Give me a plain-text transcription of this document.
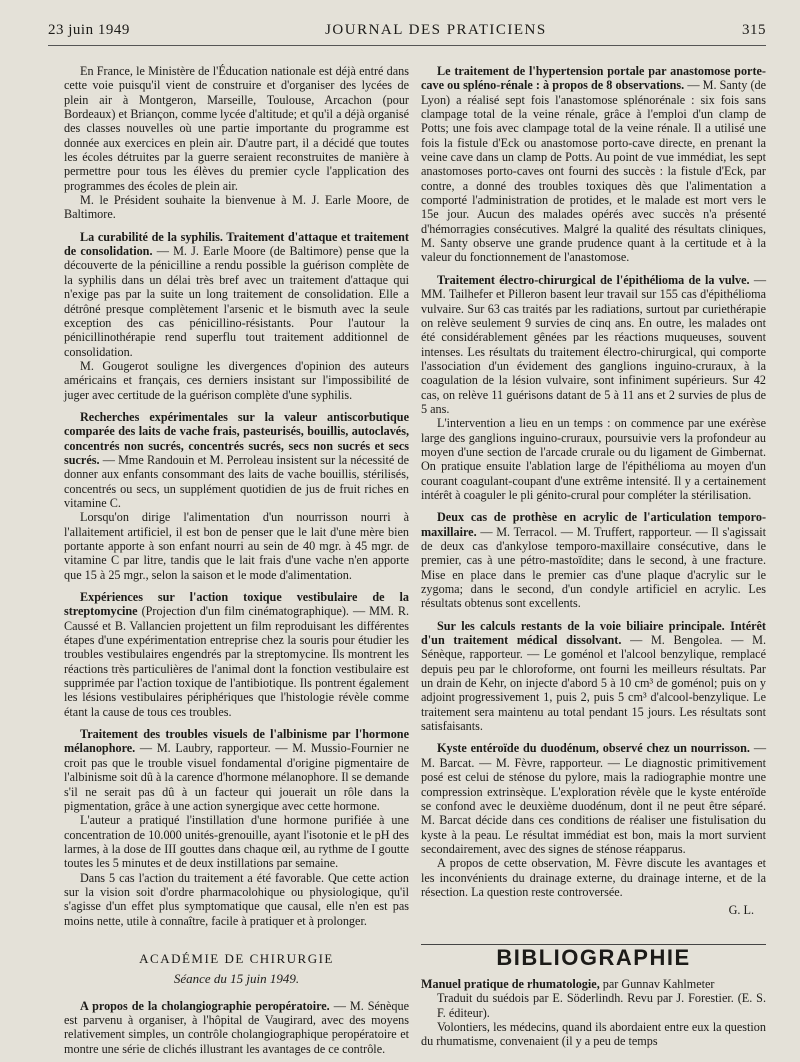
23 juin 1949	JOURNAL DES PRATICIENS	315

En France, le Ministère de l'Éducation nationale est déjà entré dans cette voie puisqu'il vient de construire et d'organiser des lycées de plein air à Montgeron, Marseille, Toulouse, Arcachon (pour Bordeaux) et Briançon, comme lycée d'altitude; et qu'il a déjà organisé des classes nouvelles où une partie importante du programme est donnée aux exercices en plein air. D'autre part, il a décidé que toutes les écoles détruites par la guerre seraient reconstruites de manière à permettre pour tous les élèves du premier cycle l'application des programmes des écoles de plein air.

M. le Président souhaite la bienvenue à M. J. Earle Moore, de Baltimore.

La curabilité de la syphilis. Traitement d'attaque et traitement de consolidation. — M. J. Earle Moore (de Baltimore) pense que la découverte de la pénicilline a rendu possible la guérison complète de la syphilis dans un délai très bref avec un traitement d'attaque qui n'exige pas par la suite un long traitement de consolidation. Elle a détrôné presque complètement l'arsenic et le bismuth avec la seule exception des cas pénicillino-résistants. Pour l'autour la pénicillinothérapie rend superflu tout traitement additionnel de consolidation.

M. Gougerot souligne les divergences d'opinion des auteurs américains et français, ces derniers insistant sur l'impossibilité de juger avec certitude de la guérison complète d'une syphilis.

Recherches expérimentales sur la valeur antiscorbutique comparée des laits de vache frais, pasteurisés, bouillis, autoclavés, concentrés non sucrés, concentrés sucrés, secs non sucrés et secs sucrés. — Mme Randouin et M. Perroleau insistent sur la nécessité de donner aux enfants consommant des laits de vache bouillis, stérilisés, concentrés ou secs, un supplément quotidien de jus de fruit riches en vitamine C.

Lorsqu'on dirige l'alimentation d'un nourrisson nourri à l'allaitement artificiel, il est bon de penser que le lait d'une mère bien portante apporte à son enfant nourri au sein de 40 mgr. à 45 mgr. de vitamine C par litre, tandis que le lait frais d'une vache n'en apporte que 15 à 25 mgr., selon la saison et le mode d'alimentation.

Expériences sur l'action toxique vestibulaire de la streptomycine (Projection d'un film cinématographique). — MM. R. Caussé et B. Vallancien projettent un film reproduisant les différentes étapes d'une expérimentation entreprise chez la souris pour étudier les troubles vestibulaires engendrés par la streptomycine. Ils montrent les réactions très particulières de l'animal dont la fonction vestibulaire est supprimée par l'action toxique de l'antibiotique. Ils pontrent également les lésions vestibulaires périphériques que l'histologie révèle comme étant la cause de tous ces troubles.

Traitement des troubles visuels de l'albinisme par l'hormone mélanophore. — M. Laubry, rapporteur. — M. Mussio-Fournier ne croit pas que le trouble visuel fondamental d'origine pigmentaire de l'albinisme soit dû à la carence d'hormone mélanophore. Il se demande s'il ne serait pas dû à un facteur qui jouerait un rôle dans la pigmentation, grâce à une action synergique avec cette hormone.

L'auteur a pratiqué l'instillation d'une hormone purifiée à une concentration de 10.000 unités-grenouille, ayant l'isotonie et le pH des larmes, à la dose de III gouttes dans chaque œil, au rythme de I goutte toutes les 5 minutes et de deux instillations par semaine.

Dans 5 cas l'action du traitement a été favorable. Que cette action sur la vision soit d'ordre pharmacolohique ou physiologique, qu'il s'agisse d'un effet plus symptomatique que causal, elle n'en est pas moins nette, utile à connaître, facile à pratiquer et à prolonger.

ACADÉMIE DE CHIRURGIE
Séance du 15 juin 1949.

A propos de la cholangiographie peropératoire. — M. Sénèque est parvenu à organiser, à l'hôpital de Vaugirard, avec des moyens relativement simples, un contrôle cholangiographique peropératoire et montre une série de clichés illustrant les avantages de ce contrôle.

Le traitement de l'hypertension portale par anastomose porte-cave ou spléno-rénale : à propos de 8 observations. — M. Santy (de Lyon) a réalisé sept fois l'anastomose splénorénale : six fois sans clampage total de la veine rénale, grâce à l'emploi d'un clamp de Potts; une fois avec clampage total de la veine rénale. Il a utilisé une fois la fistule d'Eck ou anastomose porto-cave directe, en prenant la veine cave dans un clamp de Potts. Au point de vue immédiat, les sept anastomoses porto-caves ont fourni des succès : la fistule d'Eck, par contre, a donné des troubles toxiques dès que l'alimentation a comporté l'administration de protides, et le malade est mort vers le 15e jour. Aucun des malades opérés avec succès n'a présenté d'hémorragies consécutives. Malgré la qualité des résultats cliniques, M. Santy observe une grande prudence quant à la certitude et à la valeur du fonctionnement de l'anastomose.

Traitement électro-chirurgical de l'épithélioma de la vulve. — MM. Tailhefer et Pilleron basent leur travail sur 155 cas d'épithélioma vulvaire. Sur 63 cas traités par les radiations, surtout par curiethérapie on relève seulement 9 survies de cinq ans. En outre, les malades ont été considérablement gênées par les réactions muqueuses, souvent intenses. Les résultats du traitement électro-chirurgical, qui comporte l'association d'un évidement des ganglions inguino-cruraux, à la coagulation de la lésion vulvaire, sont infiniment supérieurs. Sur 42 cas, on relève 11 guérisons datant de 5 à 11 ans et 2 survies de plus de 5 ans.

L'intervention a lieu en un temps : on commence par une exérèse large des ganglions inguino-cruraux, poursuivie vers la profondeur au moyen d'une section de l'arcade crurale ou du ligament de Gimbernat. On pratique ensuite l'ablation large de l'épithélioma au moyen d'un courant coagulant-coupant d'une extrême intensité. Il y a certainement intérêt à coaguler le pli génito-crural pour compléter la stérilisation.

Deux cas de prothèse en acrylic de l'articulation temporo-maxillaire. — M. Terracol. — M. Truffert, rapporteur. — Il s'agissait de deux cas d'ankylose temporo-maxillaire consécutive, dans le premier, cas à une pétro-mastoïdite; dans le second, à une fracture. Mise en place dans le premier cas d'une plaque d'acrylic sur le zygoma; dans le second, d'un condyle artificiel en acrylic. Les résultats obtenus sont excellents.

Sur les calculs restants de la voie biliaire principale. Intérêt d'un traitement médical dissolvant. — M. Bengolea. — M. Sénèque, rapporteur. — Le goménol et l'alcool benzylique, remplacé depuis peu par le chloroforme, ont fourni les meilleurs résultats. Par un drain de Kehr, on injecte d'abord 5 à 10 cm³ de goménol; puis on y adjoint progressivement 1, puis 2, puis 5 cm³ d'alcool-benzylique. Le traitement sera maintenu au total pendant 15 jours. Les résultats sont satisfaisants.

Kyste entéroïde du duodénum, observé chez un nourrisson. — M. Barcat. — M. Fèvre, rapporteur. — Le diagnostic primitivement posé est celui de sténose du pylore, mais la radiographie montre une compression extrinsèque. L'exploration révèle que le kyste entéroïde se confond avec le deuxième duodénum, dont il ne peut être séparé. M. Barcat décide dans ces conditions de réaliser une fistulisation du kyste à la peau. Le résultat immédiat est bon, mais la mort survient secondairement, avec des signes de sténose réapparus.

A propos de cette observation, M. Fèvre discute les avantages et les inconvénients du drainage externe, du drainage interne, et de la résection. La question reste controversée.

G. L.
BIBLIOGRAPHIE

Manuel pratique de rhumatologie, par Gunnav Kahlmeter

Traduit du suédois par E. Söderlindh. Revu par J. Forestier. (E. S. F. éditeur).

Volontiers, les médecins, quand ils abordaient entre eux la question du rhumatisme, convenaient (il y a peu de temps
